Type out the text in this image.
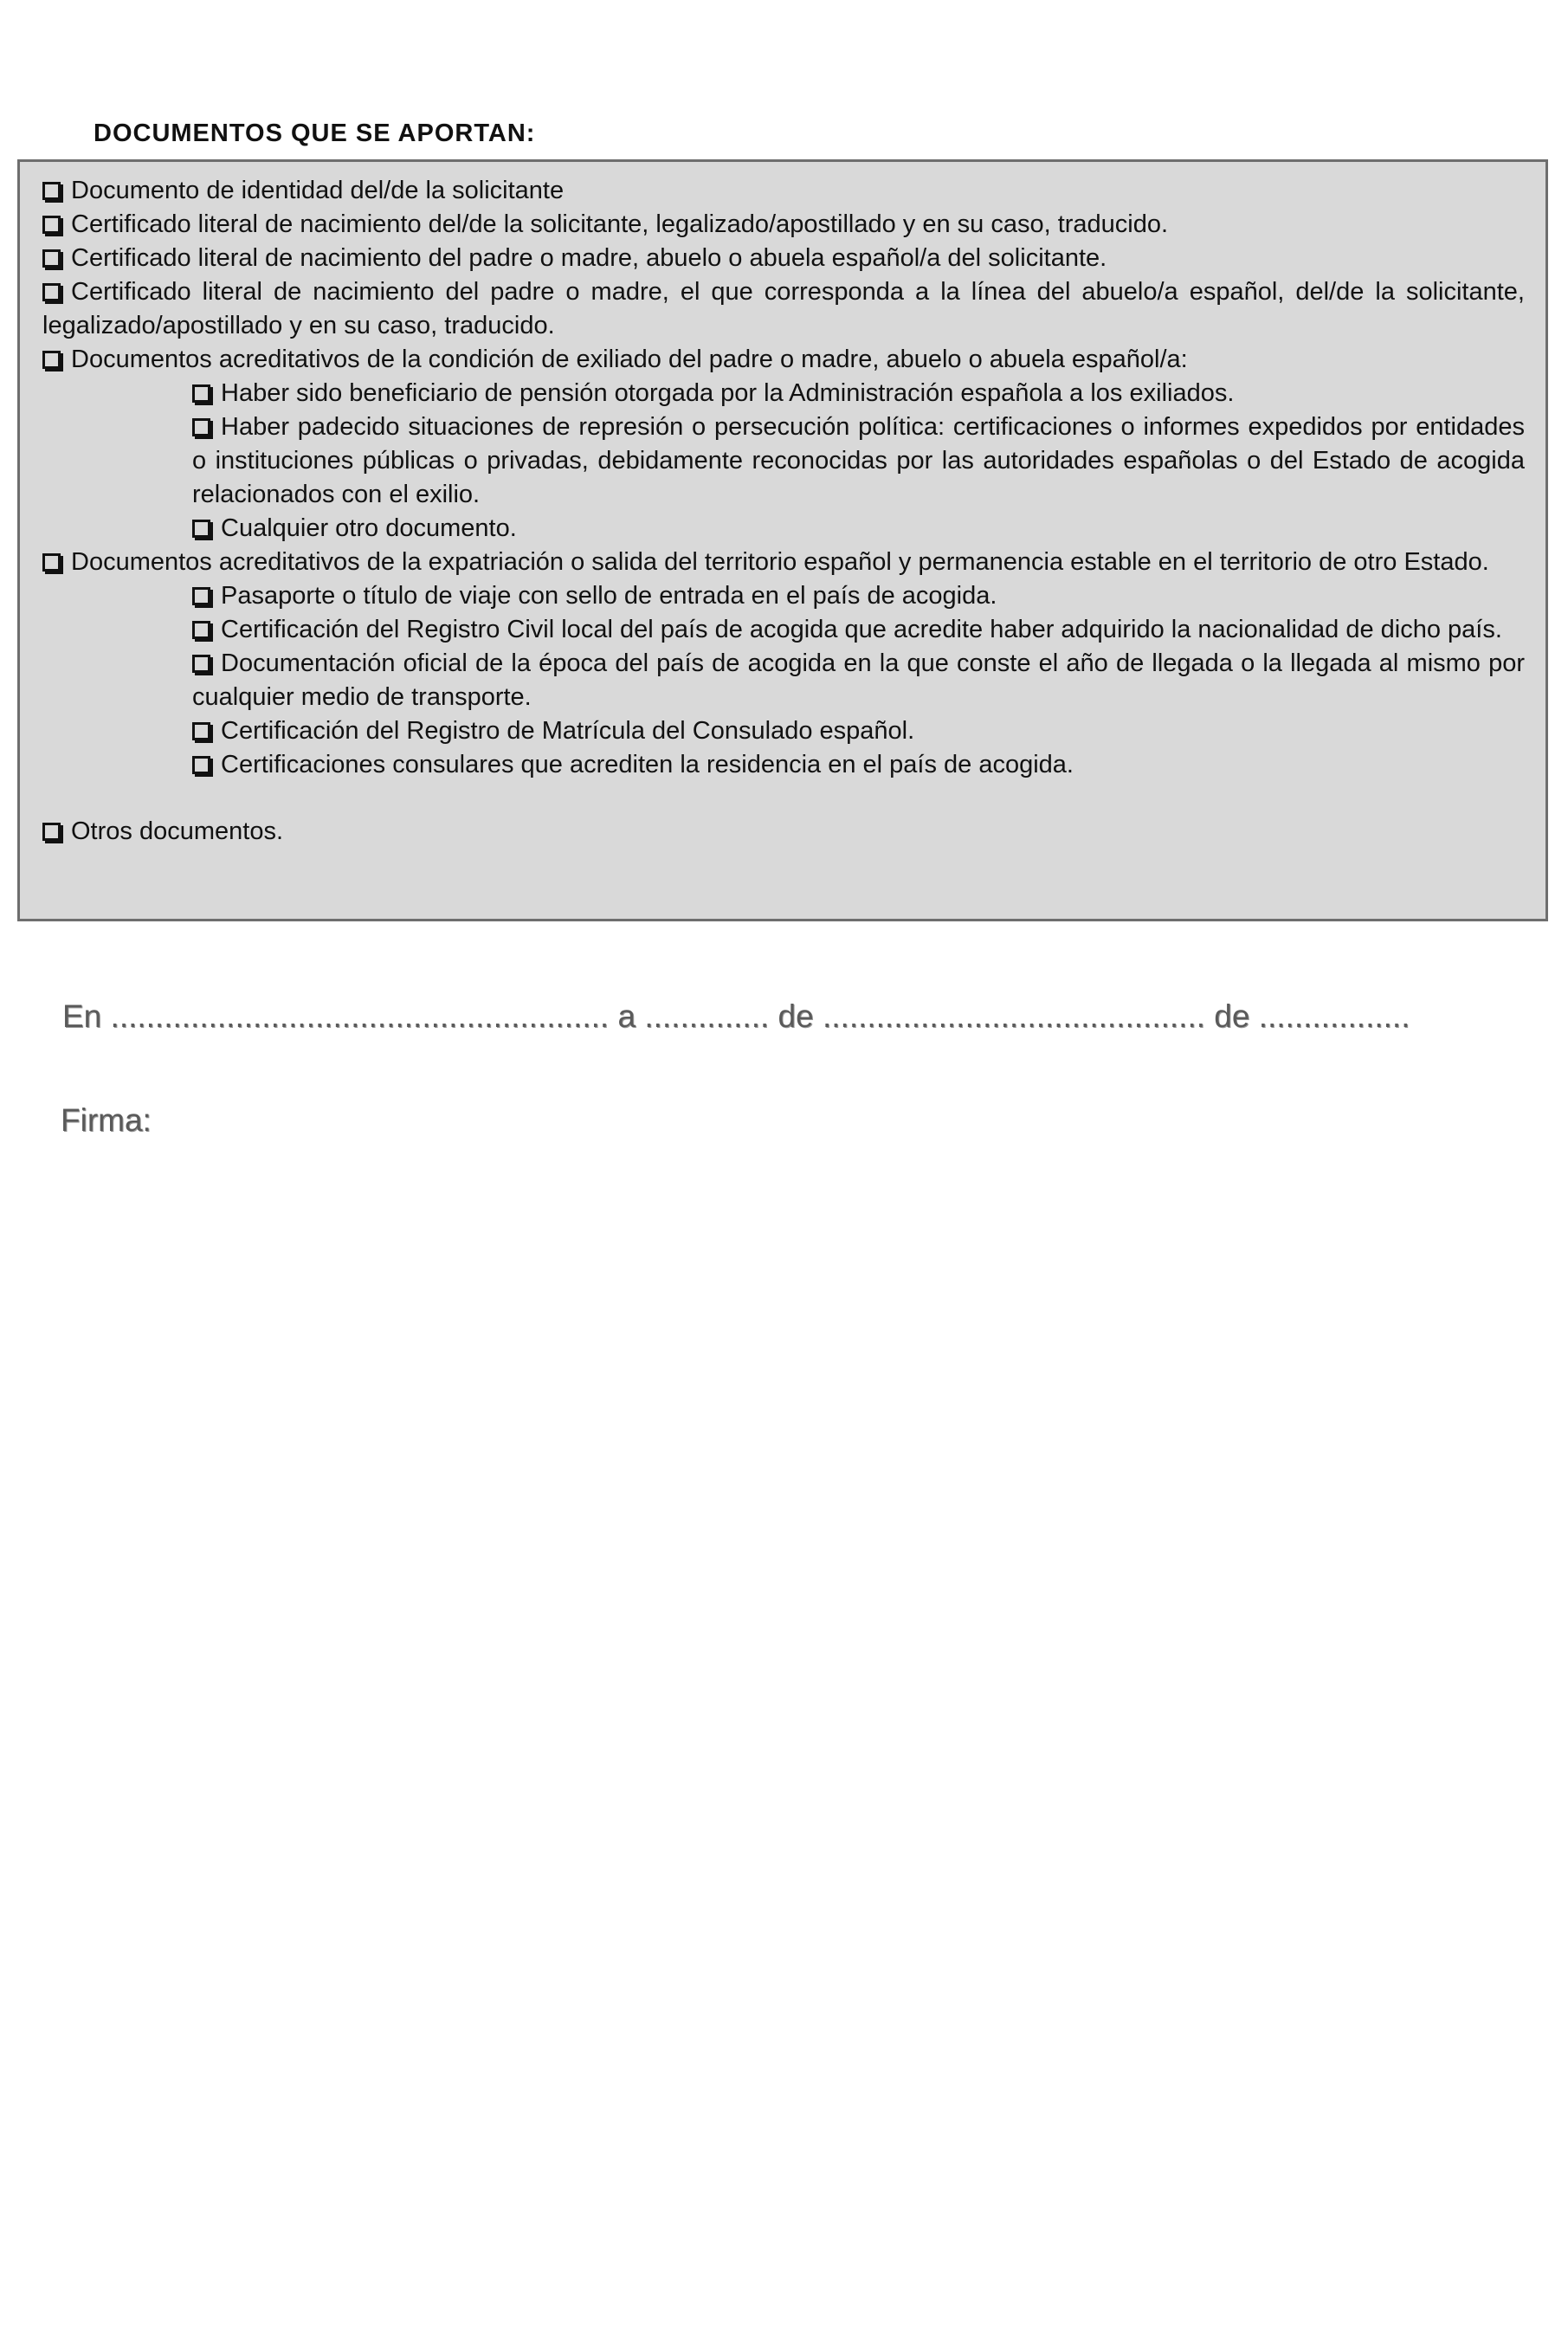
DOCUMENTOS QUE SE APORTAN:

Documento de identidad del/de la solicitante

Certificado literal de nacimiento del/de la solicitante, legalizado/apostillado y en su caso, traducido.

Certificado literal de nacimiento del padre o madre, abuelo o abuela español/a del solicitante.

Certificado literal de nacimiento del padre o madre, el que corresponda a la línea del abuelo/a español, del/de la solicitante, legalizado/apostillado y en su caso, traducido.

Documentos acreditativos de la condición de exiliado del padre o madre, abuelo o abuela español/a:

Haber sido beneficiario de pensión otorgada por la Administración española a los exiliados.

Haber padecido situaciones de represión o persecución política: certificaciones o informes expedidos por entidades o instituciones públicas o privadas, debidamente reconocidas por las autoridades españolas o del Estado de acogida relacionados con el exilio.

Cualquier otro documento.

Documentos acreditativos de la expatriación o salida del territorio español y permanencia estable en el territorio de otro Estado.

Pasaporte o título de viaje con sello de entrada en el país de acogida.

Certificación del Registro Civil local del país de acogida que acredite haber adquirido la nacionalidad de dicho país.

Documentación oficial de la época del país de acogida en la que conste el año de llegada o la llegada al mismo por cualquier medio de transporte.

Certificación del Registro de Matrícula del Consulado español.

Certificaciones consulares que acrediten la residencia en el país de acogida.

Otros documentos.

En ........................................................ a .............. de ........................................... de .................
Firma:
